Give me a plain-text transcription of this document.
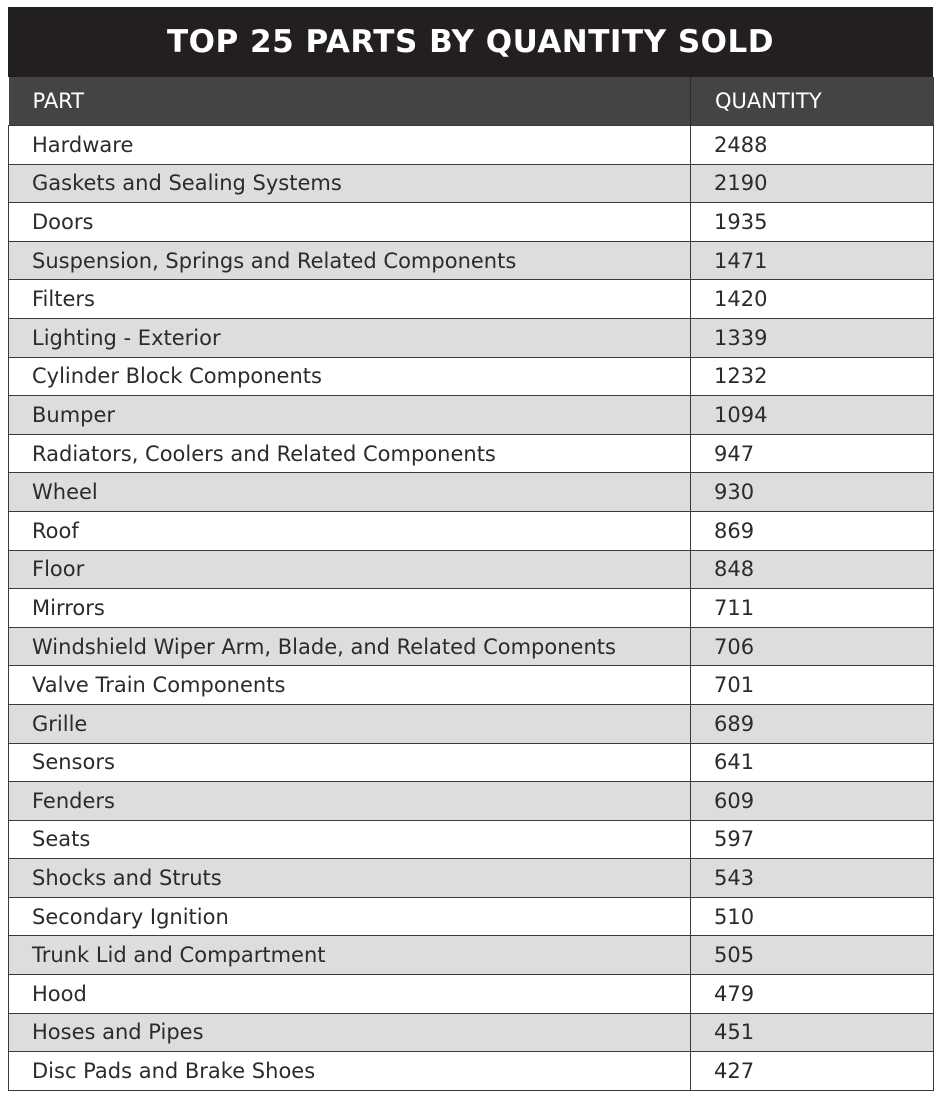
TOP 25 PARTS BY QUANTITY SOLD
PART	QUANTITY
Hardware	2488
Gaskets and Sealing Systems	2190
Doors	1935
Suspension, Springs and Related Components	1471
Filters	1420
Lighting - Exterior	1339
Cylinder Block Components	1232
Bumper	1094
Radiators, Coolers and Related Components	947
Wheel	930
Roof	869
Floor	848
Mirrors	711
Windshield Wiper Arm, Blade, and Related Components	706
Valve Train Components	701
Grille	689
Sensors	641
Fenders	609
Seats	597
Shocks and Struts	543
Secondary Ignition	510
Trunk Lid and Compartment	505
Hood	479
Hoses and Pipes	451
Disc Pads and Brake Shoes	427
